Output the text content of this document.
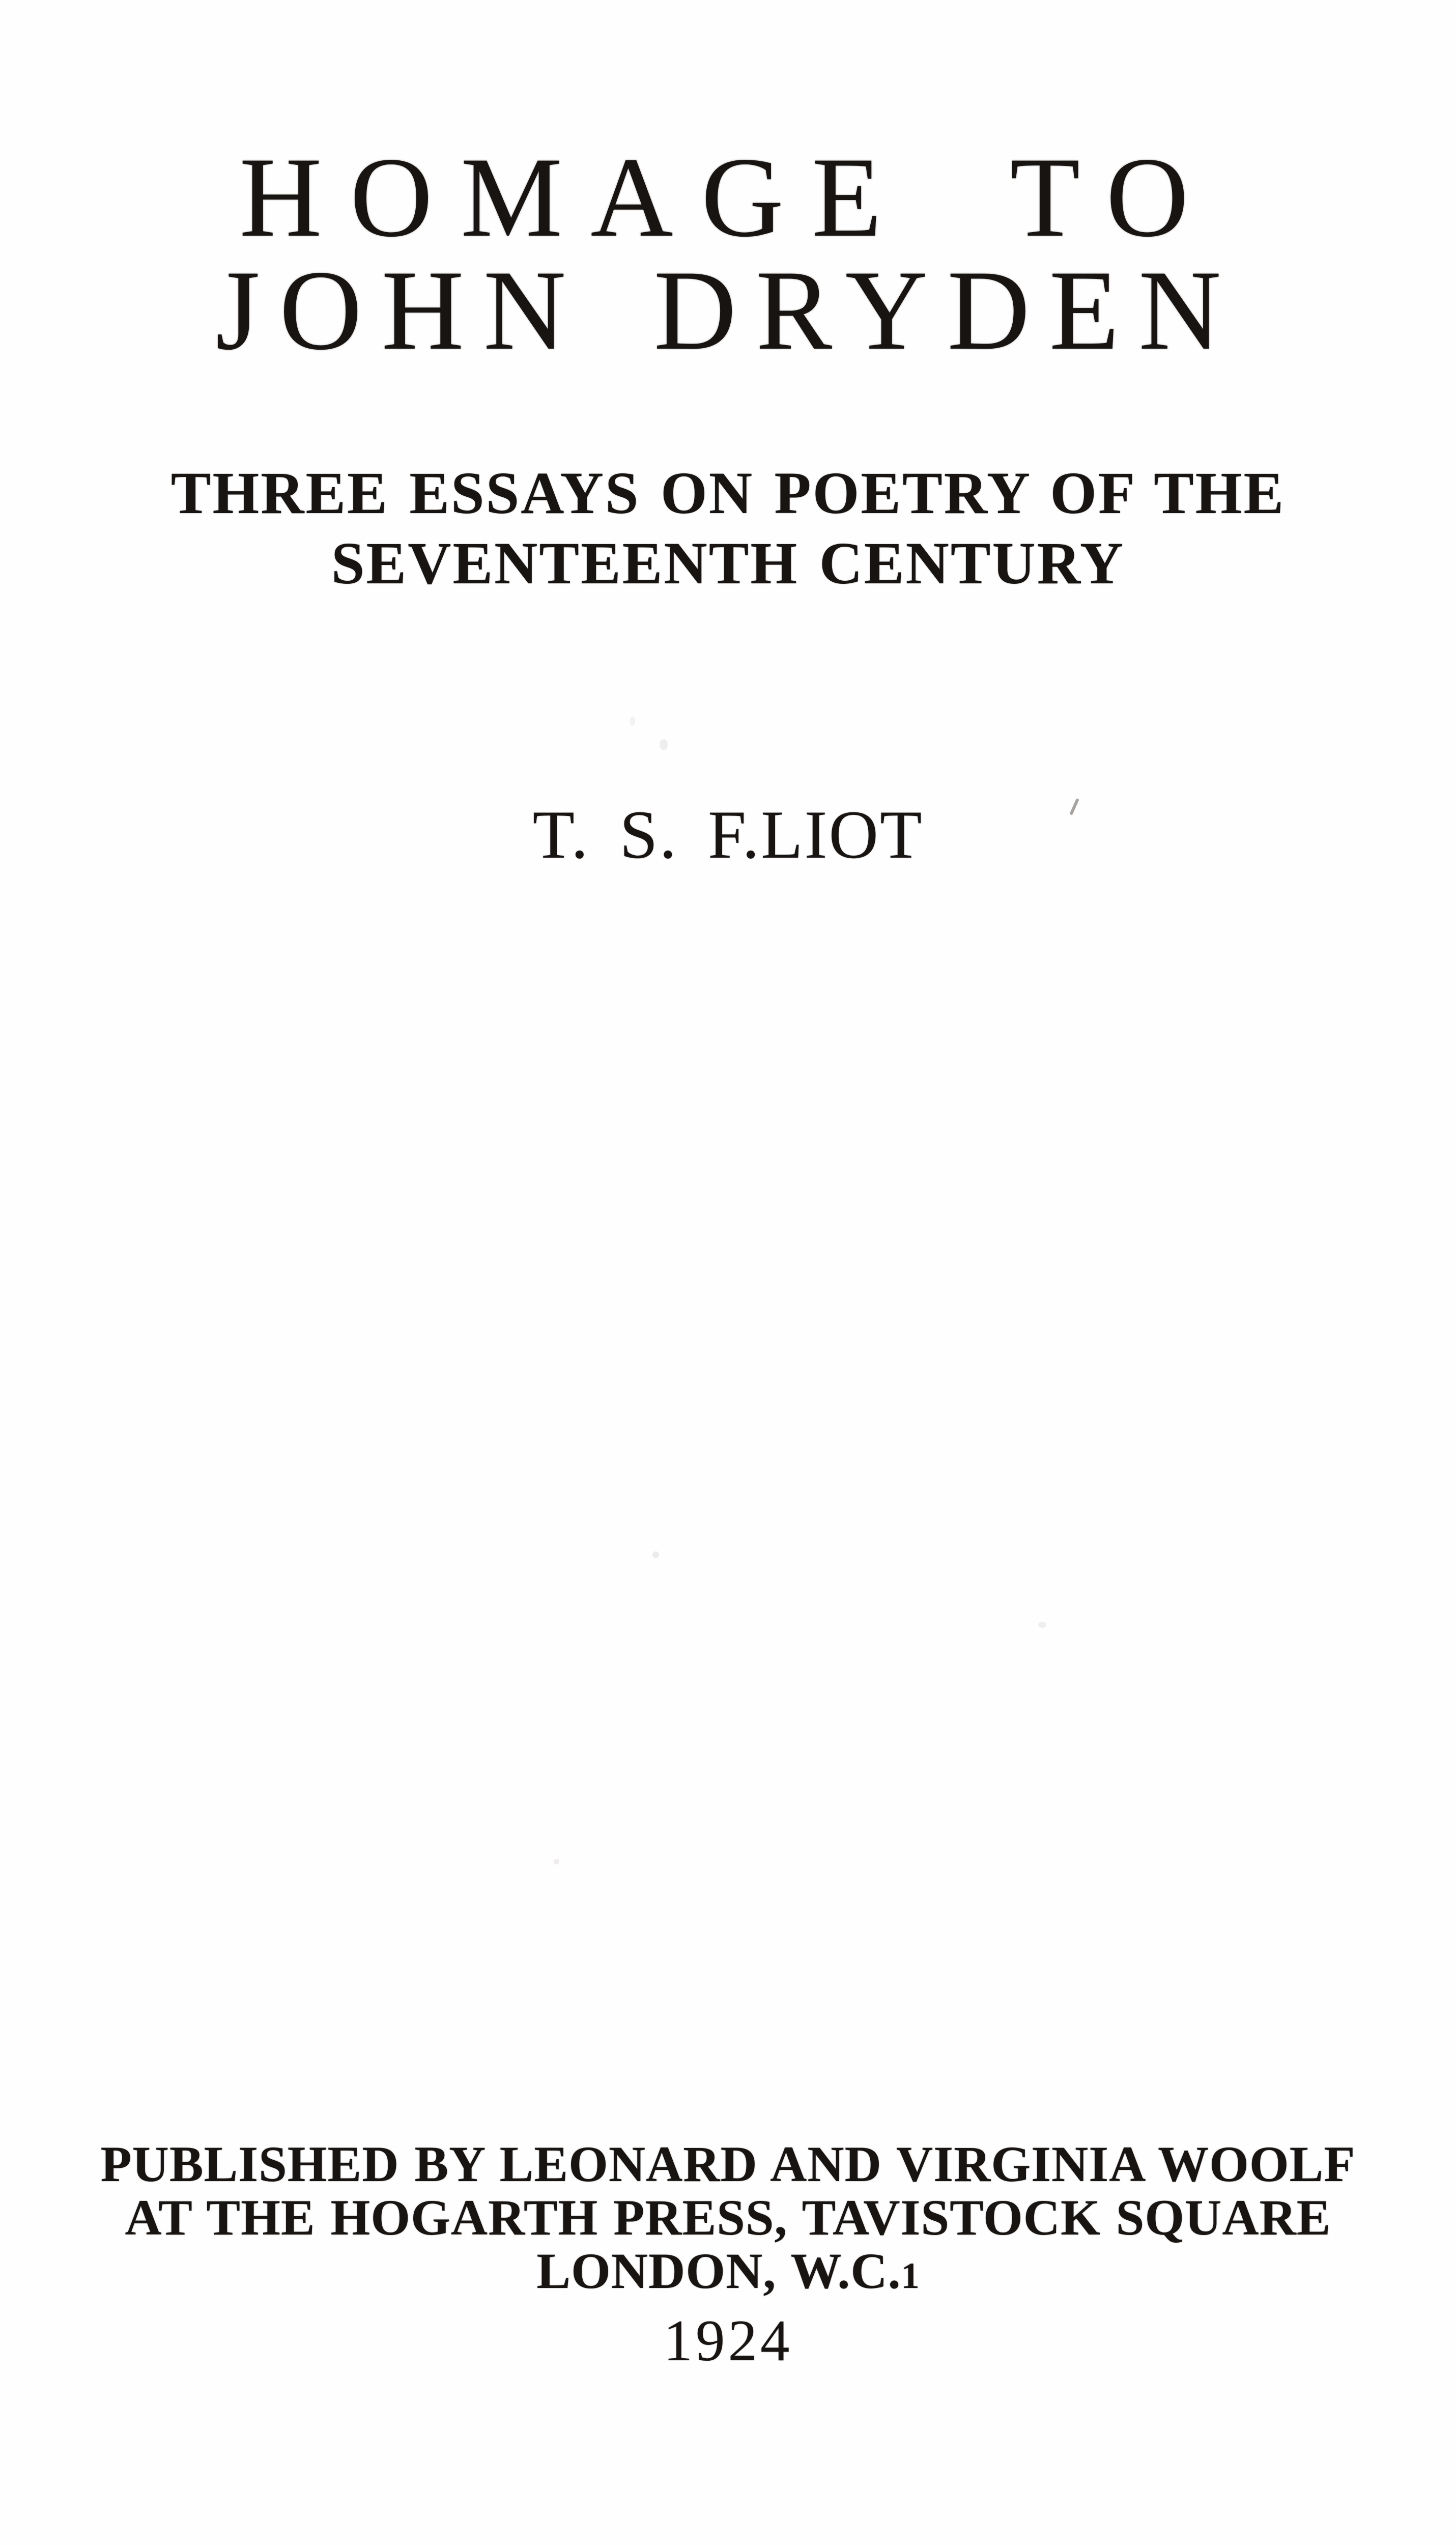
HOMAGE TO
JOHN DRYDEN
THREE ESSAYS ON POETRY OF THE
SEVENTEENTH CENTURY
T. S. F.LIOT
PUBLISHED BY LEONARD AND VIRGINIA WOOLF
AT THE HOGARTH PRESS, TAVISTOCK SQUARE
LONDON, W.C.1
1924
